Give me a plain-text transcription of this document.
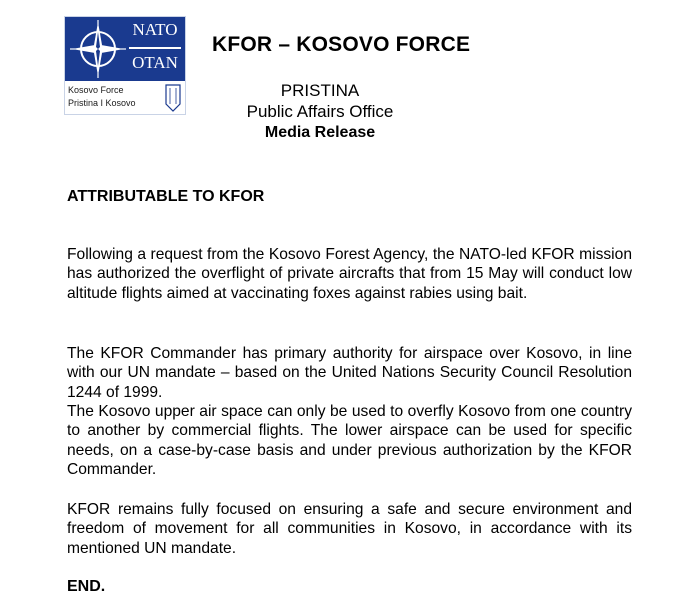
NATO
OTAN
Kosovo Force
Pristina I Kosovo
KFOR – KOSOVO FORCE
PRISTINA
Public Affairs Office
Media Release
ATTRIBUTABLE TO KFOR

Following a request from the Kosovo Forest Agency, the NATO-led KFOR mission has authorized the overflight of private aircrafts that from 15 May will conduct low altitude flights aimed at vaccinating foxes against rabies using bait.

The KFOR Commander has primary authority for airspace over Kosovo, in line with our UN mandate – based on the United Nations Security Council Resolution 1244 of 1999.

The Kosovo upper air space can only be used to overfly Kosovo from one country to another by commercial flights. The lower airspace can be used for specific needs, on a case-by-case basis and under previous authorization by the KFOR Commander.

KFOR remains fully focused on ensuring a safe and secure environment and freedom of movement for all communities in Kosovo, in accordance with its mentioned UN mandate.

END.
